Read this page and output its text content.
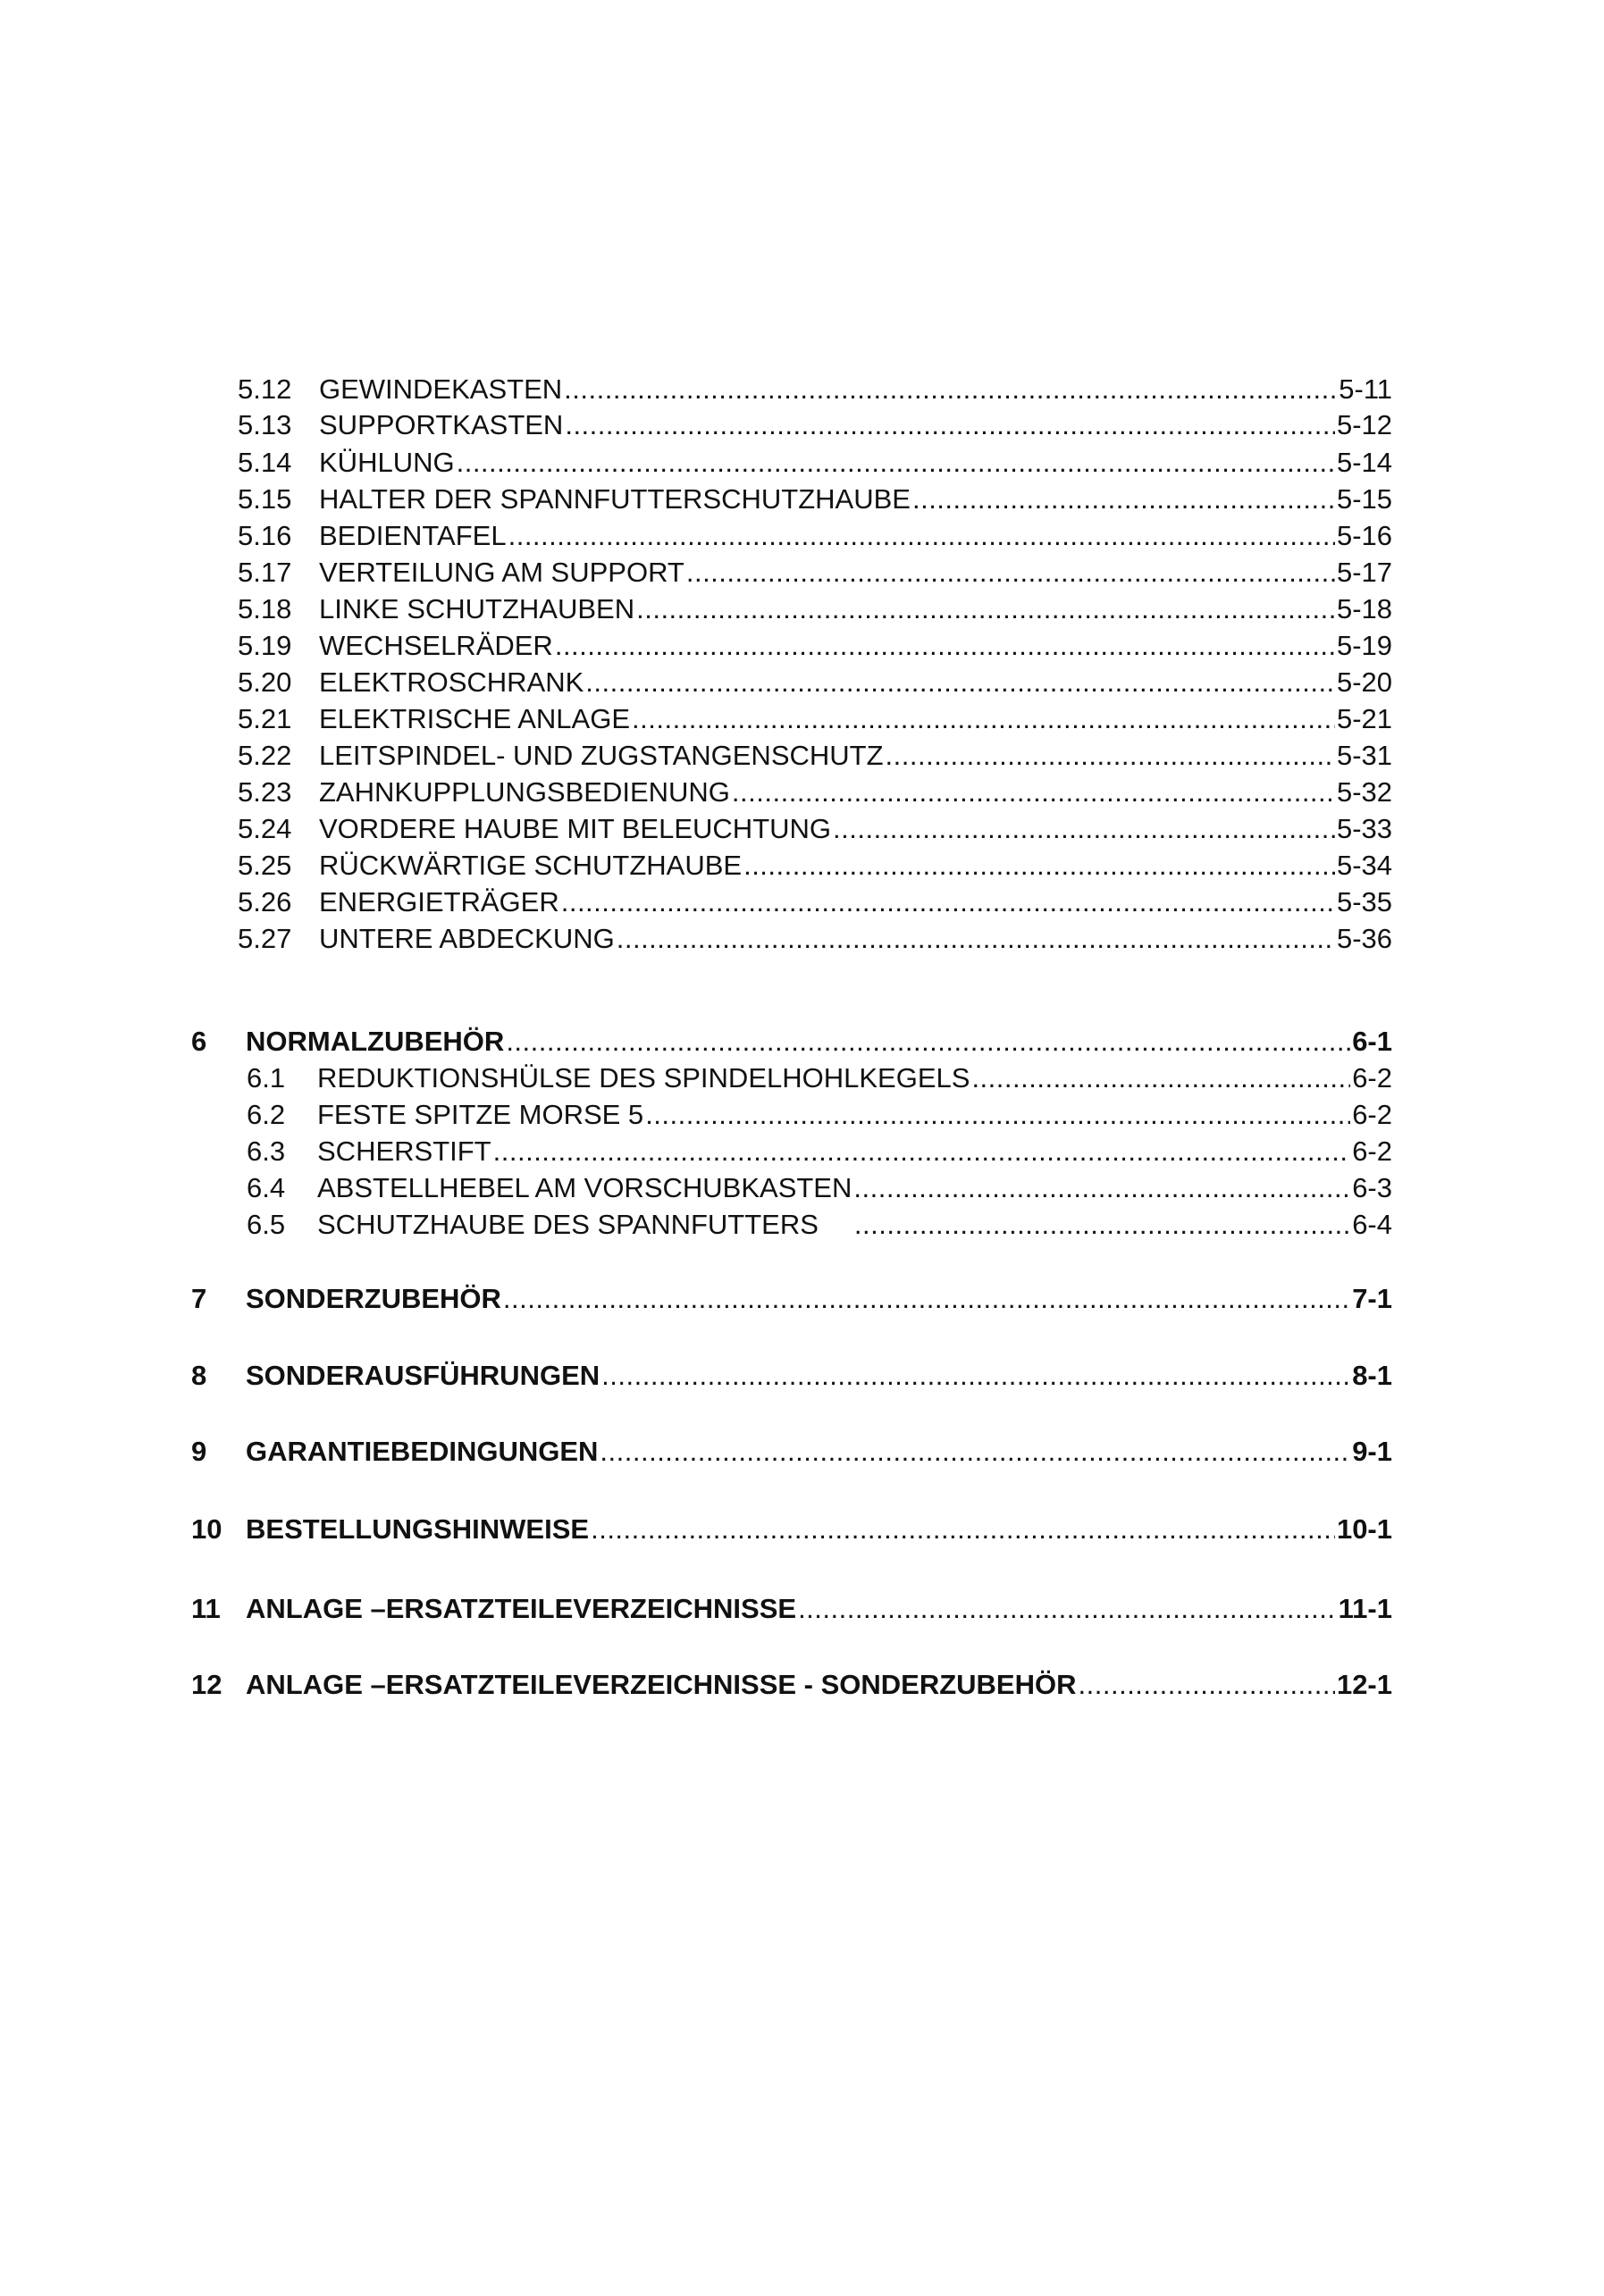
5.12 GEWINDEKASTEN .....	5-11
5.13 SUPPORTKASTEN .....	5-12
5.14 KÜHLUNG .....	5-14
5.15 HALTER DER SPANNFUTTERSCHUTZHAUBE .....	5-15
5.16 BEDIENTAFEL .....	5-16
5.17 VERTEILUNG AM SUPPORT .....	5-17
5.18 LINKE SCHUTZHAUBEN .....	5-18
5.19 WECHSELRÄDER .....	5-19
5.20 ELEKTROSCHRANK .....	5-20
5.21 ELEKTRISCHE ANLAGE .....	5-21
5.22 LEITSPINDEL- UND ZUGSTANGENSCHUTZ .....	5-31
5.23 ZAHNKUPPLUNGSBEDIENUNG .....	5-32
5.24 VORDERE HAUBE MIT BELEUCHTUNG .....	5-33
5.25 RÜCKWÄRTIGE SCHUTZHAUBE .....	5-34
5.26 ENERGIETRÄGER .....	5-35
5.27 UNTERE ABDECKUNG .....	5-36
6	NORMALZUBEHÖR .....	6-1
6.1	REDUKTIONSHÜLSE DES SPINDELHOHLKEGELS .....	6-2
6.2	FESTE SPITZE MORSE 5 .....	6-2
6.3	SCHERSTIFT .....	6-2
6.4	ABSTELLHEBEL AM VORSCHUBKASTEN .....	6-3
6.5	SCHUTZHAUBE DES SPANNFUTTERS .....	6-4
7	SONDERZUBEHÖR .....	7-1
8	SONDERAUSFÜHRUNGEN .....	8-1
9	GARANTIEBEDINGUNGEN .....	9-1
10 BESTELLUNGSHINWEISE .....	10-1
11 ANLAGE –ERSATZTEILEVERZEICHNISSE .....	11-1
12 ANLAGE –ERSATZTEILEVERZEICHNISSE - SONDERZUBEHÖR .....	12-1
